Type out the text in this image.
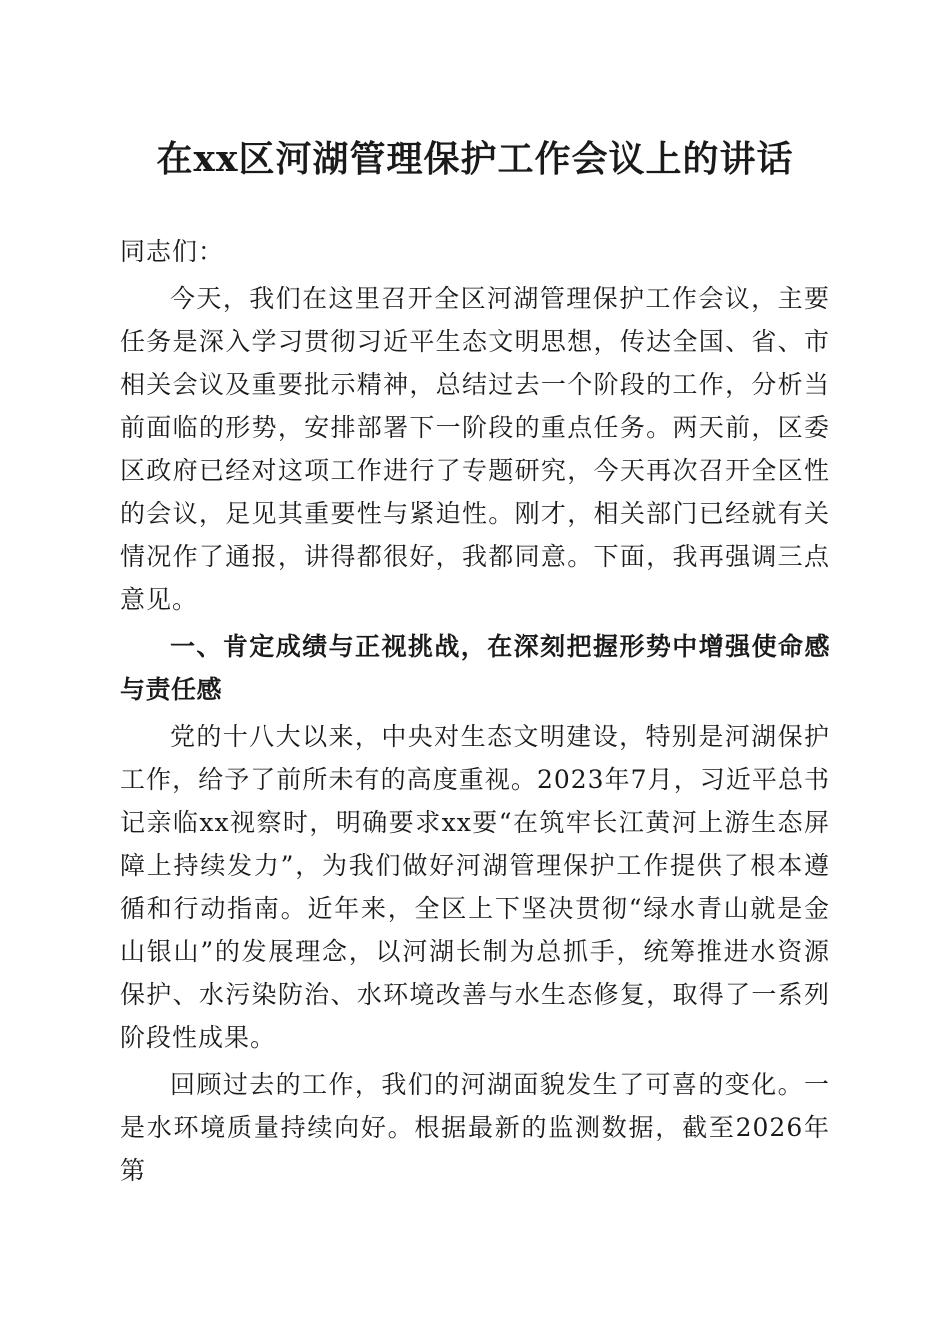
在xx区河湖管理保护工作会议上的讲话

同志们：

今天，我们在这里召开全区河湖管理保护工作会议，主要任务是深入学习贯彻习近平生态文明思想，传达全国、省、市相关会议及重要批示精神，总结过去一个阶段的工作，分析当前面临的形势，安排部署下一阶段的重点任务。两天前，区委区政府已经对这项工作进行了专题研究，今天再次召开全区性的会议，足见其重要性与紧迫性。刚才，相关部门已经就有关情况作了通报，讲得都很好，我都同意。下面，我再强调三点意见。

一、肯定成绩与正视挑战，在深刻把握形势中增强使命感与责任感

党的十八大以来，中央对生态文明建设，特别是河湖保护工作，给予了前所未有的高度重视。2023年7月，习近平总书记亲临xx视察时，明确要求xx要“在筑牢长江黄河上游生态屏障上持续发力”，为我们做好河湖管理保护工作提供了根本遵循和行动指南。近年来，全区上下坚决贯彻“绿水青山就是金山银山”的发展理念，以河湖长制为总抓手，统筹推进水资源保护、水污染防治、水环境改善与水生态修复，取得了一系列阶段性成果。

回顾过去的工作，我们的河湖面貌发生了可喜的变化。一是水环境质量持续向好。根据最新的监测数据，截至2026年第
